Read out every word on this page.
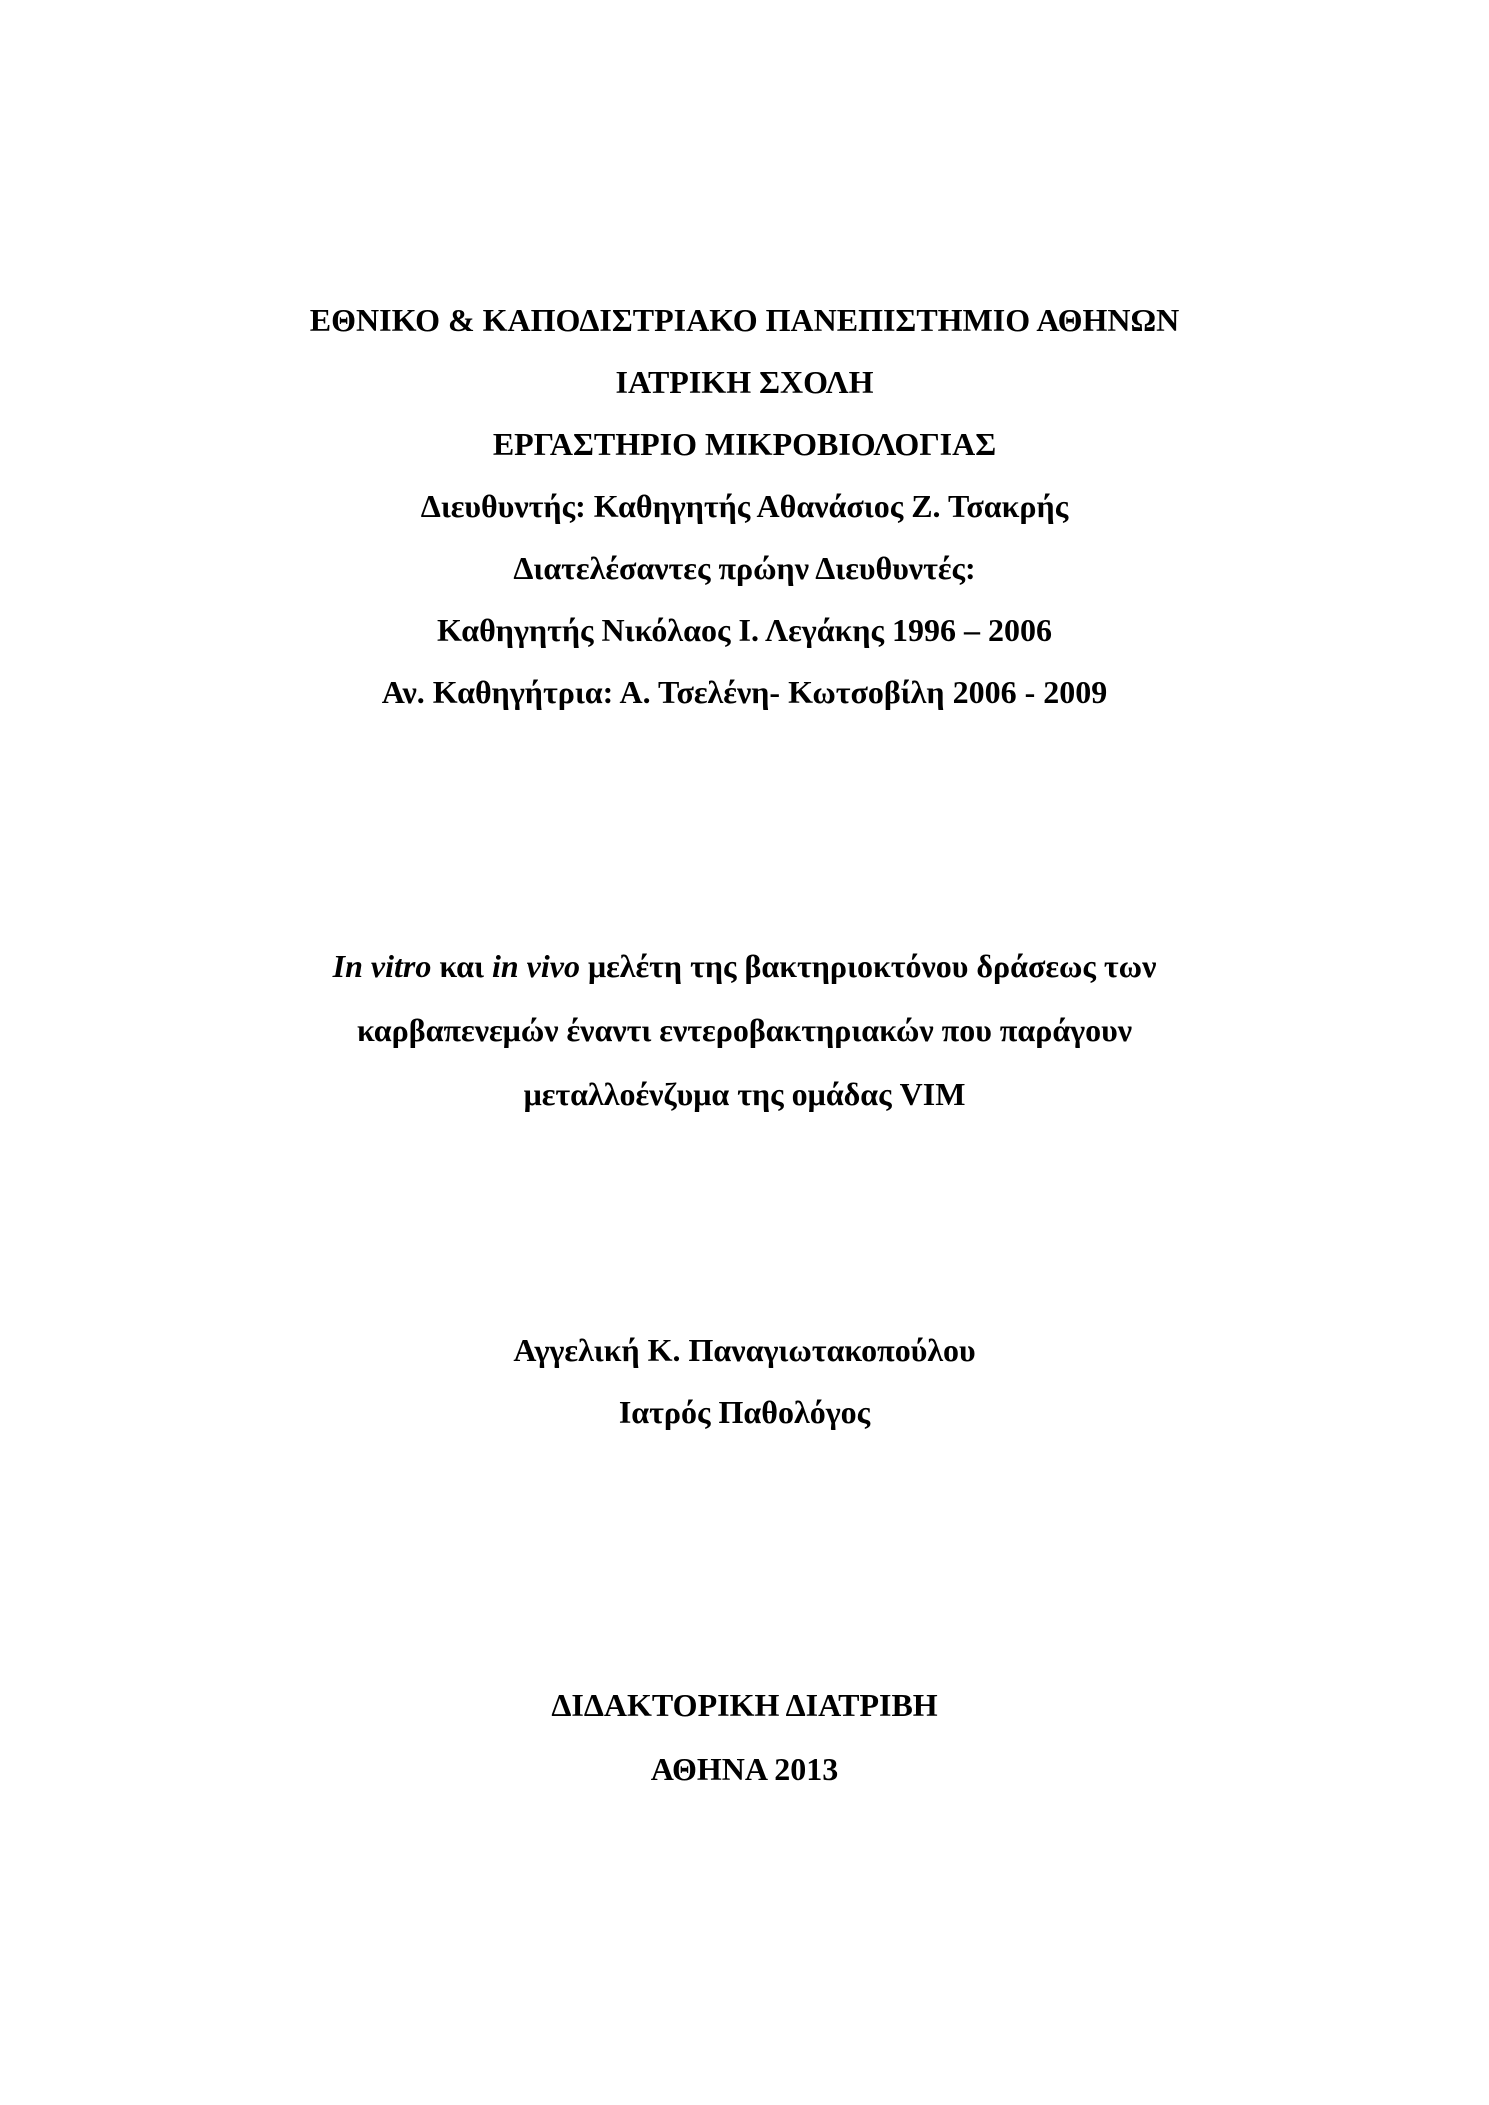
ΕΘΝΙΚΟ & ΚΑΠΟΔΙΣΤΡΙΑΚΟ ΠΑΝΕΠΙΣΤΗΜΙΟ ΑΘΗΝΩΝ
ΙΑΤΡΙΚΗ ΣΧΟΛΗ
ΕΡΓΑΣΤΗΡΙΟ ΜΙΚΡΟΒΙΟΛΟΓΙΑΣ
Διευθυντής: Καθηγητής Αθανάσιος Ζ. Τσακρής
Διατελέσαντες πρώην Διευθυντές:
Καθηγητής Νικόλαος Ι. Λεγάκης 1996 – 2006
Αν. Καθηγήτρια: Α. Τσελένη- Κωτσοβίλη 2006 - 2009
In vitro και in vivo μελέτη της βακτηριοκτόνου δράσεως των
καρβαπενεμών έναντι εντεροβακτηριακών που παράγουν
μεταλλοένζυμα της ομάδας VIM
Αγγελική Κ. Παναγιωτακοπούλου
Ιατρός Παθολόγος
ΔΙΔΑΚΤΟΡΙΚΗ ΔΙΑΤΡΙΒΗ
ΑΘΗΝΑ 2013
